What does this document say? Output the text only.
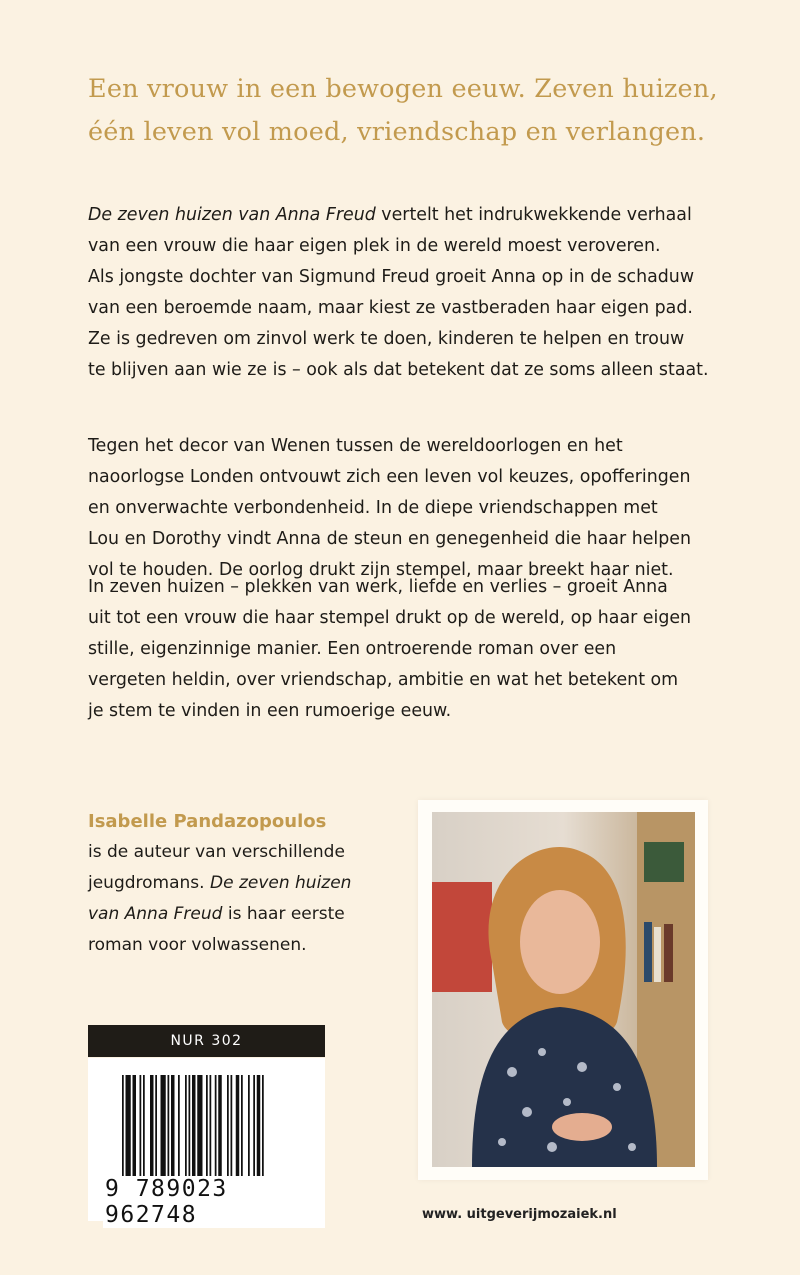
Een vrouw in een bewogen eeuw. Zeven huizen,
één leven vol moed, vriendschap en verlangen.
De zeven huizen van Anna Freud vertelt het indrukwekkende verhaal
van een vrouw die haar eigen plek in de wereld moest veroveren.
Als jongste dochter van Sigmund Freud groeit Anna op in de schaduw
van een beroemde naam, maar kiest ze vastberaden haar eigen pad.
Ze is gedreven om zinvol werk te doen, kinderen te helpen en trouw
te blijven aan wie ze is – ook als dat betekent dat ze soms alleen staat.
Tegen het decor van Wenen tussen de wereldoorlogen en het
naoorlogse Londen ontvouwt zich een leven vol keuzes, opofferingen
en onverwachte verbondenheid. In de diepe vriendschappen met
Lou en Dorothy vindt Anna de steun en genegenheid die haar helpen
vol te houden. De oorlog drukt zijn stempel, maar breekt haar niet.
In zeven huizen – plekken van werk, liefde en verlies – groeit Anna
uit tot een vrouw die haar stempel drukt op de wereld, op haar eigen
stille, eigenzinnige manier. Een ontroerende roman over een
vergeten heldin, over vriendschap, ambitie en wat het betekent om
je stem te vinden in een rumoerige eeuw.
Isabelle Pandazopoulos
is de auteur van verschillende
jeugdromans. De zeven huizen
van Anna Freud is haar eerste
roman voor volwassenen.
NUR 302
9 789023 962748	www. uitgeverijmozaiek.nl
